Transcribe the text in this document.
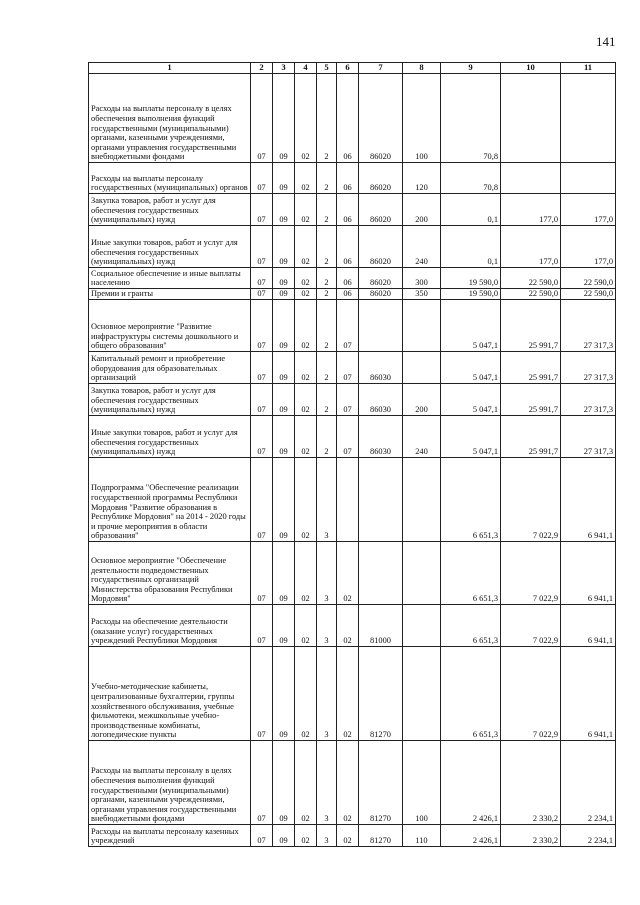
141
1	2	3	4	5	6	7	8	9	10	11
Расходы на выплаты персоналу в целях обеспечения выполнения функций государственными (муниципальными) органами, казенными учреждениями, органами управления государственными внебюджетными фондами	07	09	02	2	06	86020	100	70,8		
Расходы на выплаты персоналу государственных (муниципальных) органов	07	09	02	2	06	86020	120	70,8		
Закупка товаров, работ и услуг для обеспечения государственных (муниципальных) нужд	07	09	02	2	06	86020	200	0,1	177,0	177,0
Иные закупки товаров, работ и услуг для обеспечения государственных (муниципальных) нужд	07	09	02	2	06	86020	240	0,1	177,0	177,0
Социальное обеспечение и иные выплаты населению	07	09	02	2	06	86020	300	19 590,0	22 590,0	22 590,0
Премии и гранты	07	09	02	2	06	86020	350	19 590,0	22 590,0	22 590,0
Основное мероприятие "Развитие инфраструктуры системы дошкольного и общего образования"	07	09	02	2	07			5 047,1	25 991,7	27 317,3
Капитальный ремонт и приобретение оборудования для образовательных организаций	07	09	02	2	07	86030		5 047,1	25 991,7	27 317,3
Закупка товаров, работ и услуг для обеспечения государственных (муниципальных) нужд	07	09	02	2	07	86030	200	5 047,1	25 991,7	27 317,3
Иные закупки товаров, работ и услуг для обеспечения государственных (муниципальных) нужд	07	09	02	2	07	86030	240	5 047,1	25 991,7	27 317,3
Подпрограмма "Обеспечение реализации государственной программы Республики Мордовия "Развитие образования в Республике Мордовия" на 2014 - 2020 годы и прочие мероприятия в области образования"	07	09	02	3				6 651,3	7 022,9	6 941,1
Основное мероприятие "Обеспечение деятельности подведомственных государственных организаций Министерства образования Республики Мордовия"	07	09	02	3	02			6 651,3	7 022,9	6 941,1
Расходы на обеспечение деятельности (оказание услуг) государственных учреждений Республики Мордовия	07	09	02	3	02	81000		6 651,3	7 022,9	6 941,1
Учебно-методические кабинеты, централизованные бухгалтерии, группы хозяйственного обслуживания, учебные фильмотеки, межшкольные учебно-производственные комбинаты, логопедические пункты	07	09	02	3	02	81270		6 651,3	7 022,9	6 941,1
Расходы на выплаты персоналу в целях обеспечения выполнения функций государственными (муниципальными) органами, казенными учреждениями, органами управления государственными внебюджетными фондами	07	09	02	3	02	81270	100	2 426,1	2 330,2	2 234,1
Расходы на выплаты персоналу казенных учреждений	07	09	02	3	02	81270	110	2 426,1	2 330,2	2 234,1
